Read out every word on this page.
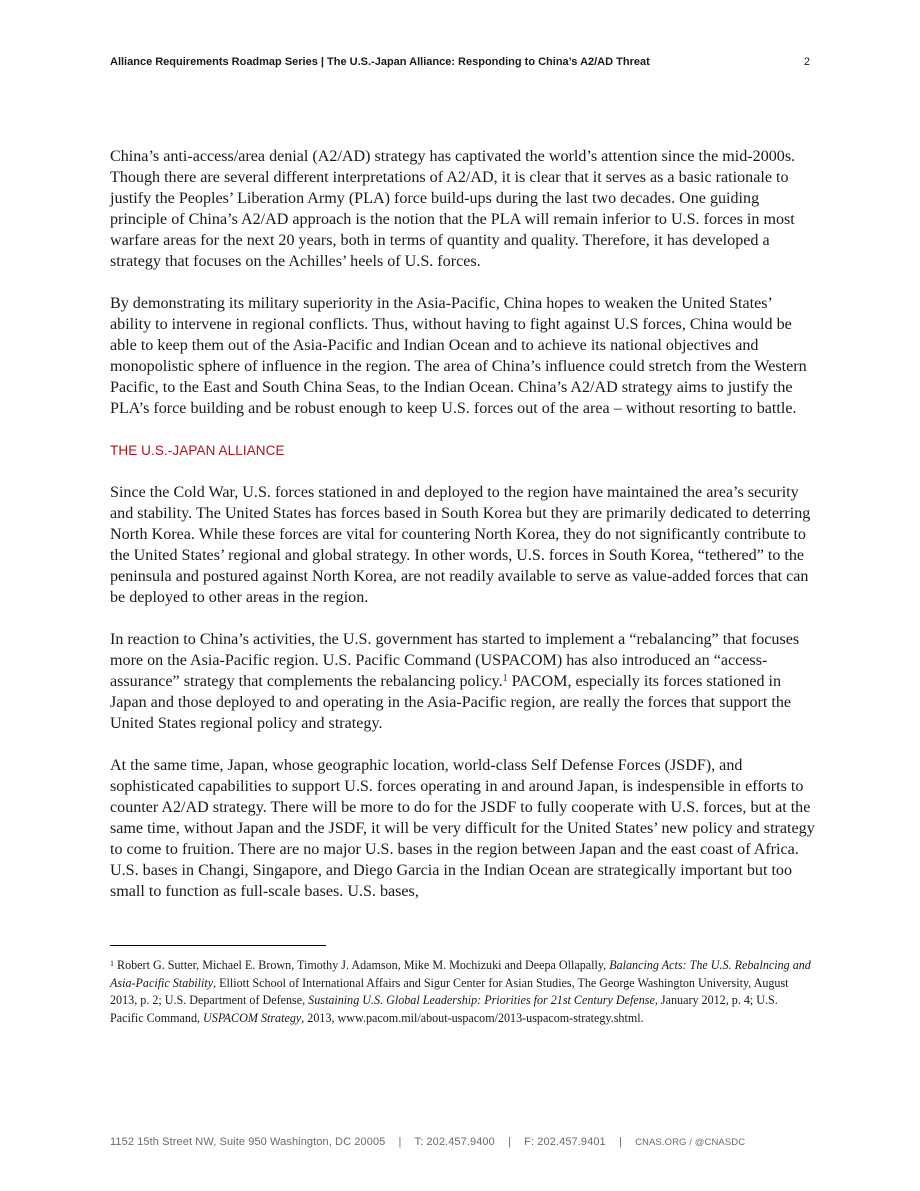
Alliance Requirements Roadmap Series | The U.S.-Japan Alliance: Responding to China’s A2/AD Threat	2

China’s anti-access/area denial (A2/AD) strategy has captivated the world’s attention since the mid-2000s. Though there are several different interpretations of A2/AD, it is clear that it serves as a basic rationale to justify the Peoples’ Liberation Army (PLA) force build-ups during the last two decades. One guiding principle of China’s A2/AD approach is the notion that the PLA will remain inferior to U.S. forces in most warfare areas for the next 20 years, both in terms of quantity and quality. Therefore, it has developed a strategy that focuses on the Achilles’ heels of U.S. forces.

By demonstrating its military superiority in the Asia-Pacific, China hopes to weaken the United States’ ability to intervene in regional conflicts. Thus, without having to fight against U.S forces, China would be able to keep them out of the Asia-Pacific and Indian Ocean and to achieve its national objectives and monopolistic sphere of influence in the region. The area of China’s influence could stretch from the Western Pacific, to the East and South China Seas, to the Indian Ocean. China’s A2/AD strategy aims to justify the PLA’s force building and be robust enough to keep U.S. forces out of the area – without resorting to battle.

THE U.S.-JAPAN ALLIANCE

Since the Cold War, U.S. forces stationed in and deployed to the region have maintained the area’s security and stability. The United States has forces based in South Korea but they are primarily dedicated to deterring North Korea. While these forces are vital for countering North Korea, they do not significantly contribute to the United States’ regional and global strategy. In other words, U.S. forces in South Korea, “tethered” to the peninsula and postured against North Korea, are not readily available to serve as value-added forces that can be deployed to other areas in the region.

In reaction to China’s activities, the U.S. government has started to implement a “rebalancing” that focuses more on the Asia-Pacific region. U.S. Pacific Command (USPACOM) has also introduced an “access-assurance” strategy that complements the rebalancing policy.$^1$ PACOM, especially its forces stationed in Japan and those deployed to and operating in the Asia-Pacific region, are really the forces that support the United States regional policy and strategy.

At the same time, Japan, whose geographic location, world-class Self Defense Forces (JSDF), and sophisticated capabilities to support U.S. forces operating in and around Japan, is indespensible in efforts to counter A2/AD strategy. There will be more to do for the JSDF to fully cooperate with U.S. forces, but at the same time, without Japan and the JSDF, it will be very difficult for the United States’ new policy and strategy to come to fruition. There are no major U.S. bases in the region between Japan and the east coast of Africa. U.S. bases in Changi, Singapore, and Diego Garcia in the Indian Ocean are strategically important but too small to function as full-scale bases. U.S. bases,

$^1$ Robert G. Sutter, Michael E. Brown, Timothy J. Adamson, Mike M. Mochizuki and Deepa Ollapally, Balancing Acts: The U.S. Rebalncing and Asia-Pacific Stability, Elliott School of International Affairs and Sigur Center for Asian Studies, The George Washington University, August 2013, p. 2; U.S. Department of Defense, Sustaining U.S. Global Leadership: Priorities for 21st Century Defense, January 2012, p. 4; U.S. Pacific Command, USPACOM Strategy, 2013, www.pacom.mil/about-uspacom/2013-uspacom-strategy.shtml.
1152 15th Street NW, Suite 950 Washington, DC 20005 | T: 202.457.9400 | F: 202.457.9401 | CNAS.ORG / @CNASDC
